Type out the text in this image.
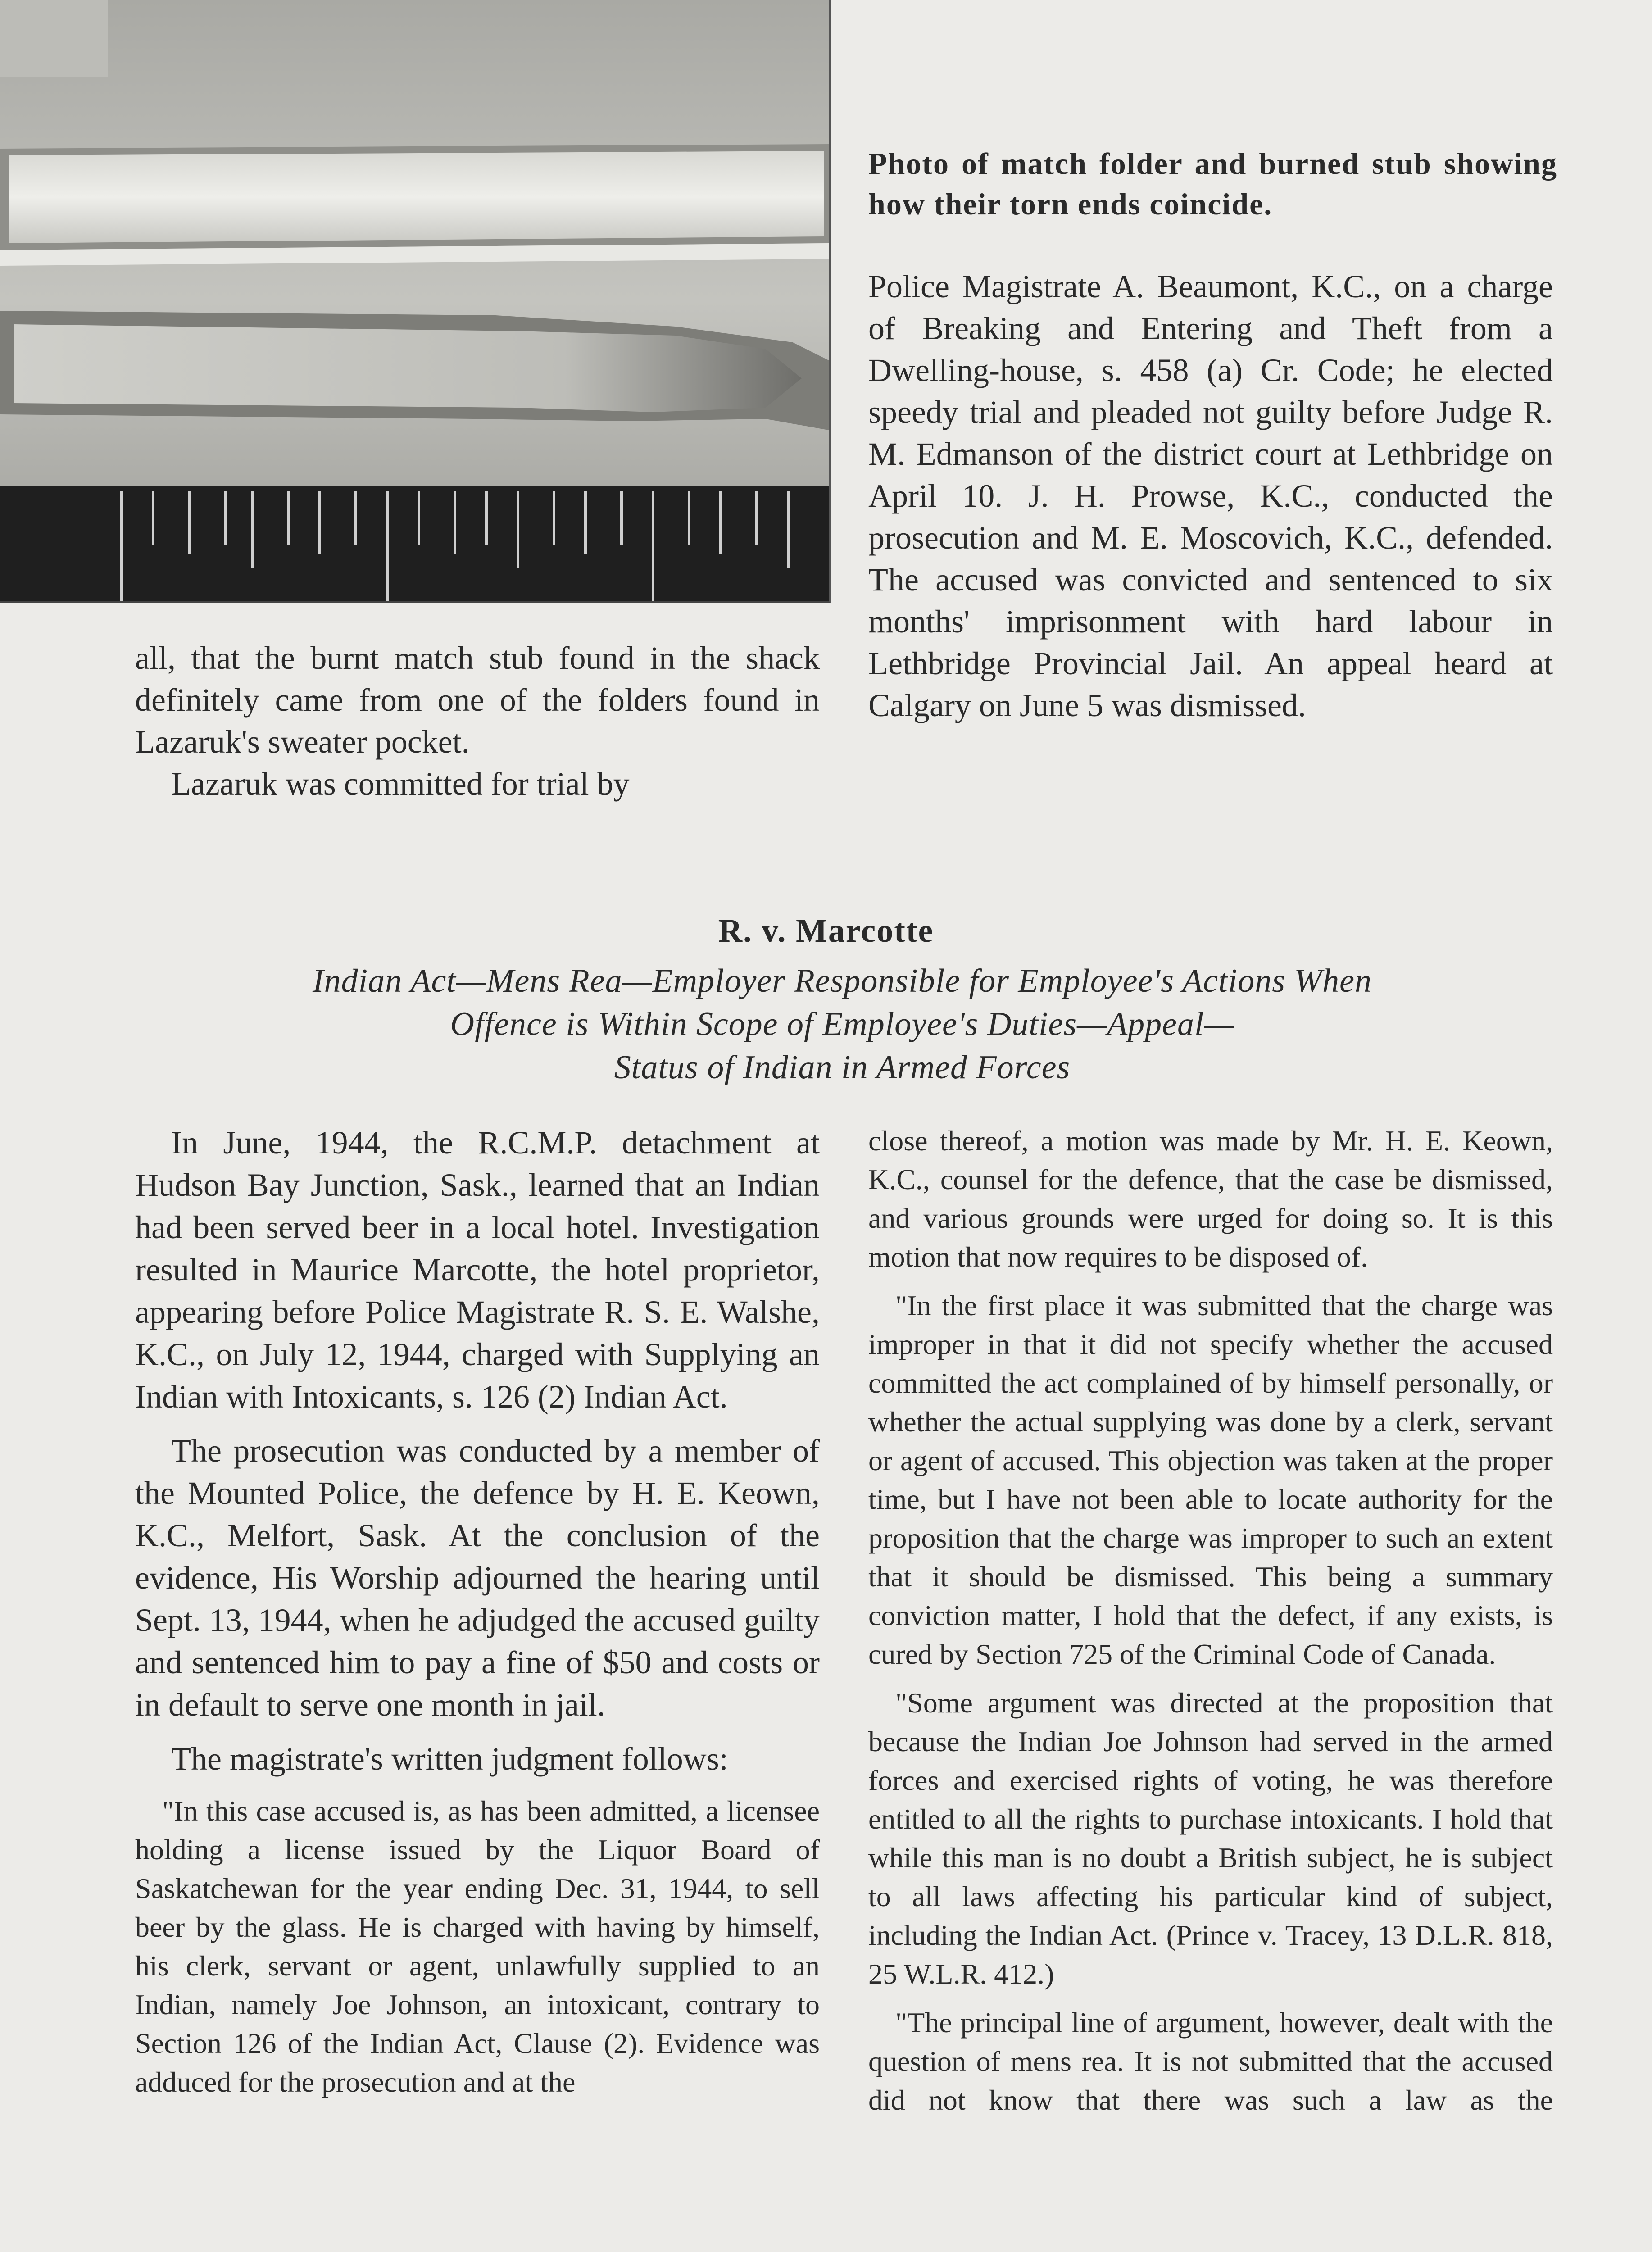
Photo of match folder and burned stub showing how their torn ends coincide.

all, that the burnt match stub found in the shack definitely came from one of the folders found in Lazaruk's sweater pocket.

Lazaruk was committed for trial by

Police Magistrate A. Beaumont, K.C., on a charge of Breaking and Entering and Theft from a Dwelling-house, s. 458 (a) Cr. Code; he elected speedy trial and pleaded not guilty before Judge R. M. Edmanson of the district court at Lethbridge on April 10. J. H. Prowse, K.C., conducted the prosecution and M. E. Moscovich, K.C., defended. The accused was convicted and sentenced to six months' imprisonment with hard labour in Lethbridge Provincial Jail. An appeal heard at Calgary on June 5 was dismissed.

R. v. Marcotte
Indian Act—Mens Rea—Employer Responsible for Employee's Actions When
Offence is Within Scope of Employee's Duties—Appeal—
Status of Indian in Armed Forces

In June, 1944, the R.C.M.P. detachment at Hudson Bay Junction, Sask., learned that an Indian had been served beer in a local hotel. Investigation resulted in Maurice Marcotte, the hotel proprietor, appearing before Police Magistrate R. S. E. Walshe, K.C., on July 12, 1944, charged with Supplying an Indian with Intoxicants, s. 126 (2) Indian Act.

The prosecution was conducted by a member of the Mounted Police, the defence by H. E. Keown, K.C., Melfort, Sask. At the conclusion of the evidence, His Worship adjourned the hearing until Sept. 13, 1944, when he adjudged the accused guilty and sentenced him to pay a fine of $50 and costs or in default to serve one month in jail.

The magistrate's written judgment follows:

"In this case accused is, as has been admitted, a licensee holding a license issued by the Liquor Board of Saskatchewan for the year ending Dec. 31, 1944, to sell beer by the glass. He is charged with having by himself, his clerk, servant or agent, unlawfully supplied to an Indian, namely Joe Johnson, an intoxicant, contrary to Section 126 of the Indian Act, Clause (2). Evidence was adduced for the prosecution and at the

close thereof, a motion was made by Mr. H. E. Keown, K.C., counsel for the defence, that the case be dismissed, and various grounds were urged for doing so. It is this motion that now requires to be disposed of.

"In the first place it was submitted that the charge was improper in that it did not specify whether the accused committed the act complained of by himself personally, or whether the actual supplying was done by a clerk, servant or agent of accused. This objection was taken at the proper time, but I have not been able to locate authority for the proposition that the charge was improper to such an extent that it should be dismissed. This being a summary conviction matter, I hold that the defect, if any exists, is cured by Section 725 of the Criminal Code of Canada.

"Some argument was directed at the proposition that because the Indian Joe Johnson had served in the armed forces and exercised rights of voting, he was therefore entitled to all the rights to purchase intoxicants. I hold that while this man is no doubt a British subject, he is subject to all laws affecting his particular kind of subject, including the Indian Act. (Prince v. Tracey, 13 D.L.R. 818, 25 W.L.R. 412.)

"The principal line of argument, however, dealt with the question of mens rea. It is not submitted that the accused did not know that there was such a law as the
